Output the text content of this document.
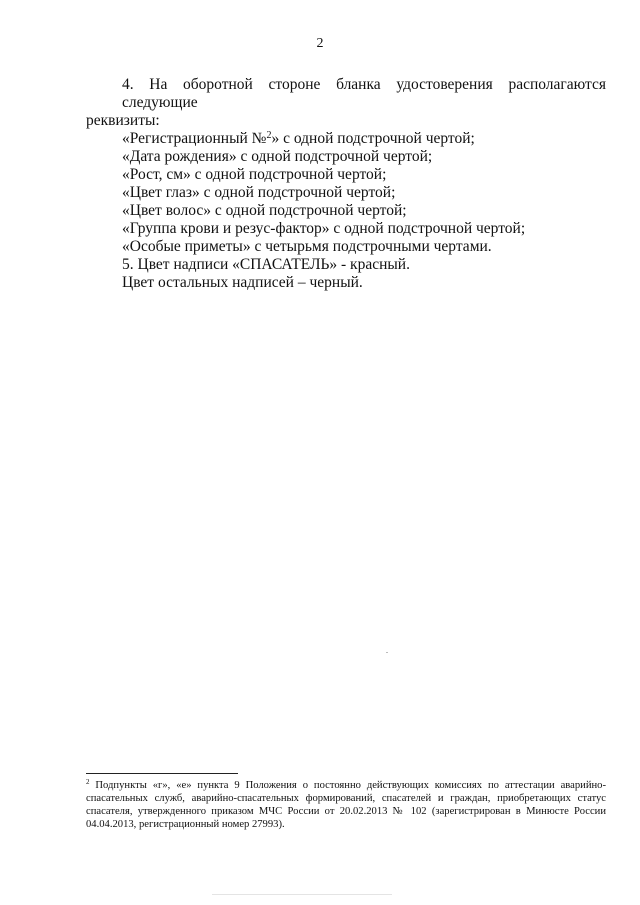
2

4. На оборотной стороне бланка удостоверения располагаются следующие

реквизиты:

«Регистрационный №$^2$» с одной подстрочной чертой;

«Дата рождения» с одной подстрочной чертой;

«Рост, см» с одной подстрочной чертой;

«Цвет глаз» с одной подстрочной чертой;

«Цвет волос» с одной подстрочной чертой;

«Группа крови и резус-фактор» с одной подстрочной чертой;

«Особые приметы» с четырьмя подстрочными чертами.

5. Цвет надписи «СПАСАТЕЛЬ» - красный.

Цвет остальных надписей – черный.

$^2$ Подпункты «г», «е» пункта 9 Положения о постоянно действующих комиссиях по аттестации аварийно-спасательных служб, аварийно-спасательных формирований, спасателей и граждан, приобретающих статус спасателя, утвержденного приказом МЧС России от 20.02.2013 № 102 (зарегистрирован в Минюсте России 04.04.2013, регистрационный номер 27993).
